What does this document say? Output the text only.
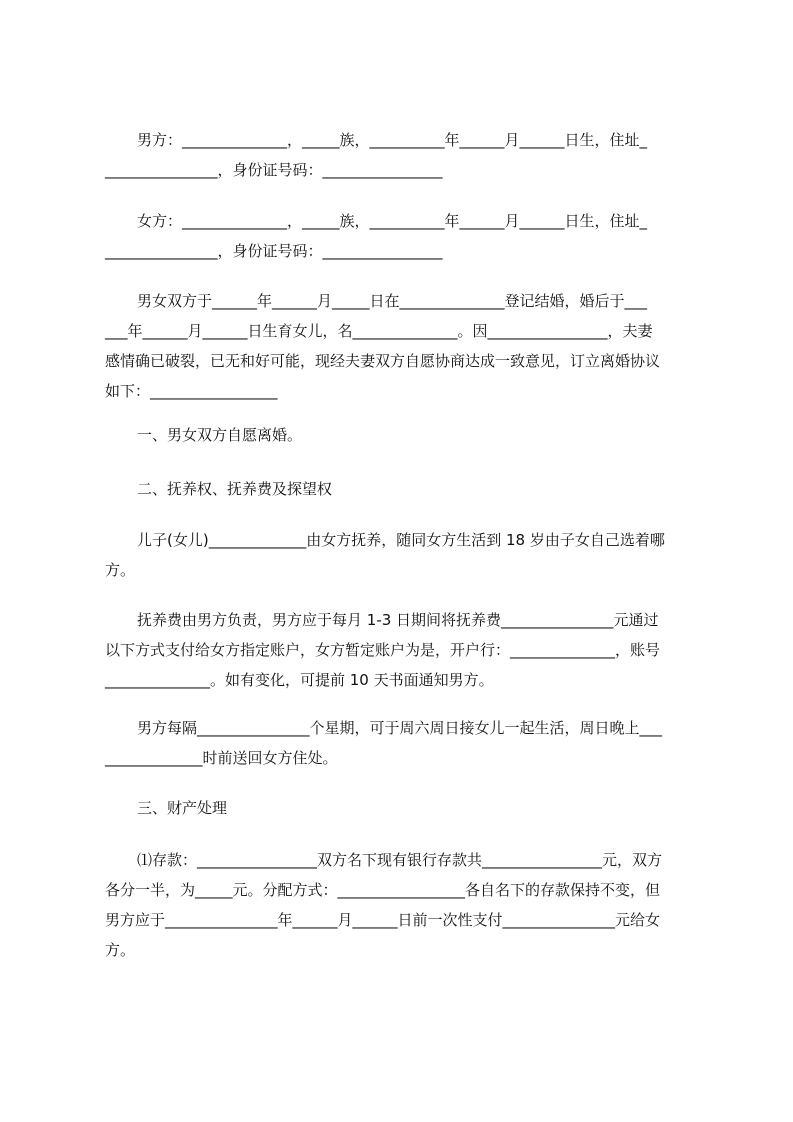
男方：______________，_____族，__________年______月______日生，住址_
_______________，身份证号码：________________
女方：______________，_____族，__________年______月______日生，住址_
_______________，身份证号码：________________
男女双方于______年______月_____日在______________登记结婚，婚后于___
___年______月______日生育女儿，名______________。因________________，夫妻
感情确已破裂，已无和好可能，现经夫妻双方自愿协商达成一致意见，订立离婚协议
如下：_________________
一、男女双方自愿离婚。
二、抚养权、抚养费及探望权
儿子(女儿)_____________由女方抚养，随同女方生活到 18 岁由子女自己选着哪
方。
抚养费由男方负责，男方应于每月 1-3 日期间将抚养费_______________元通过
以下方式支付给女方指定账户，女方暂定账户为是，开户行：______________，账号
______________。如有变化，可提前 10 天书面通知男方。
男方每隔_______________个星期，可于周六周日接女儿一起生活，周日晚上___
_____________时前送回女方住处。
三、财产处理
⑴存款：________________双方名下现有银行存款共________________元，双方
各分一半，为_____元。分配方式：_________________各自名下的存款保持不变，但
男方应于_______________年______月______日前一次性支付_______________元给女
方。
